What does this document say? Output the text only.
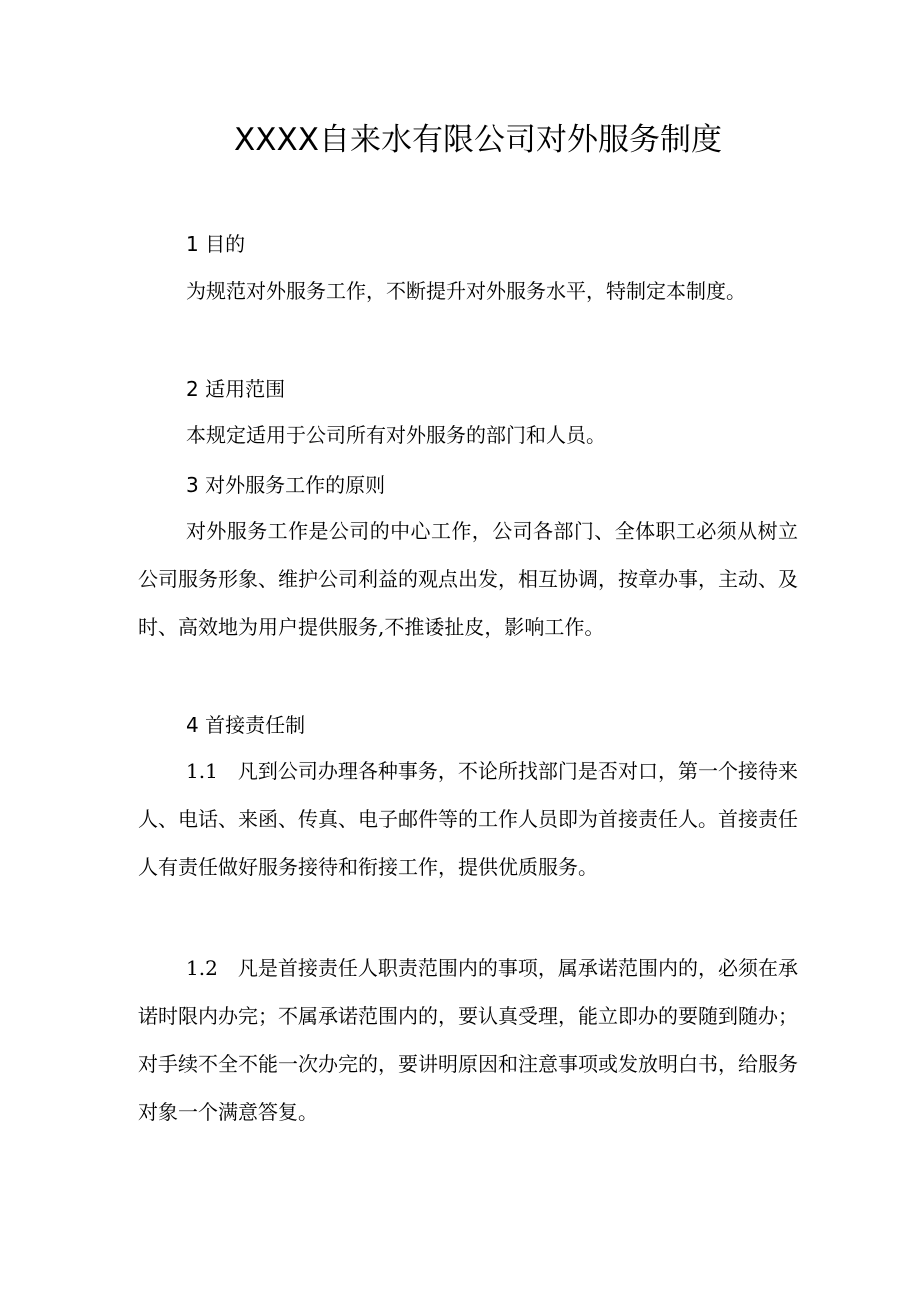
XXXX自来水有限公司对外服务制度
1 目的

为规范对外服务工作，不断提升对外服务水平，特制定本制度。

2 适用范围

本规定适用于公司所有对外服务的部门和人员。

3 对外服务工作的原则

对外服务工作是公司的中心工作，公司各部门、全体职工必须从树立公司服务形象、维护公司利益的观点出发，相互协调，按章办事，主动、及时、高效地为用户提供服务,不推诿扯皮，影响工作。

4 首接责任制

1.1　凡到公司办理各种事务，不论所找部门是否对口，第一个接待来人、电话、来函、传真、电子邮件等的工作人员即为首接责任人。首接责任人有责任做好服务接待和衔接工作，提供优质服务。

1.2　凡是首接责任人职责范围内的事项，属承诺范围内的，必须在承诺时限内办完；不属承诺范围内的，要认真受理，能立即办的要随到随办；对手续不全不能一次办完的，要讲明原因和注意事项或发放明白书，给服务对象一个满意答复。
